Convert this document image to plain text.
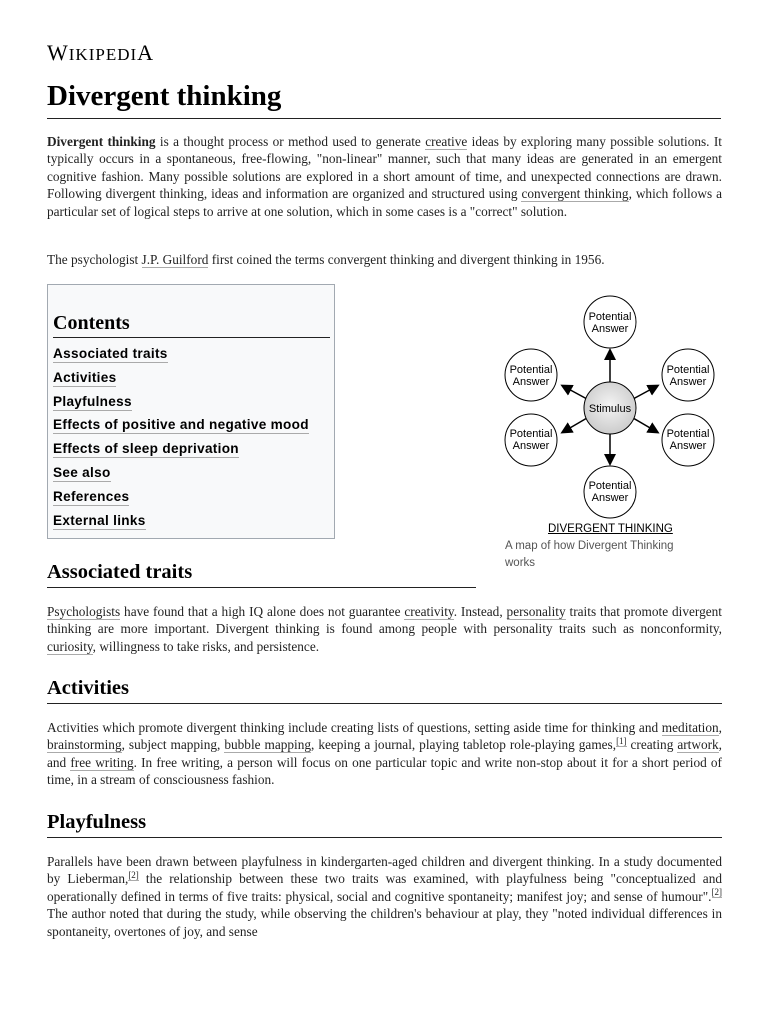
WIKIPEDIA
Divergent thinking

Divergent thinking is a thought process or method used to generate creative ideas by exploring many possible solutions. It typically occurs in a spontaneous, free-flowing, "non-linear" manner, such that many ideas are generated in an emergent cognitive fashion. Many possible solutions are explored in a short amount of time, and unexpected connections are drawn. Following divergent thinking, ideas and information are organized and structured using convergent thinking, which follows a particular set of logical steps to arrive at one solution, which in some cases is a "correct" solution.

The psychologist J.P. Guilford first coined the terms convergent thinking and divergent thinking in 1956.

Contents
Associated traits
Activities
Playfulness
Effects of positive and negative mood
Effects of sleep deprivation
See also
References
External links
Stimulus
Potential
Answer
Potential
Answer
Potential
Answer
Potential
Answer
Potential
Answer
Potential
Answer
DIVERGENT THINKING
A map of how Divergent Thinking works
Associated traits

Psychologists have found that a high IQ alone does not guarantee creativity. Instead, personality traits that promote divergent thinking are more important. Divergent thinking is found among people with personality traits such as nonconformity, curiosity, willingness to take risks, and persistence.

Activities

Activities which promote divergent thinking include creating lists of questions, setting aside time for thinking and meditation, brainstorming, subject mapping, bubble mapping, keeping a journal, playing tabletop role-playing games,[1] creating artwork, and free writing. In free writing, a person will focus on one particular topic and write non-stop about it for a short period of time, in a stream of consciousness fashion.

Playfulness

Parallels have been drawn between playfulness in kindergarten-aged children and divergent thinking. In a study documented by Lieberman,[2] the relationship between these two traits was examined, with playfulness being "conceptualized and operationally defined in terms of five traits: physical, social and cognitive spontaneity; manifest joy; and sense of humour".[2] The author noted that during the study, while observing the children's behaviour at play, they "noted individual differences in spontaneity, overtones of joy, and sense
